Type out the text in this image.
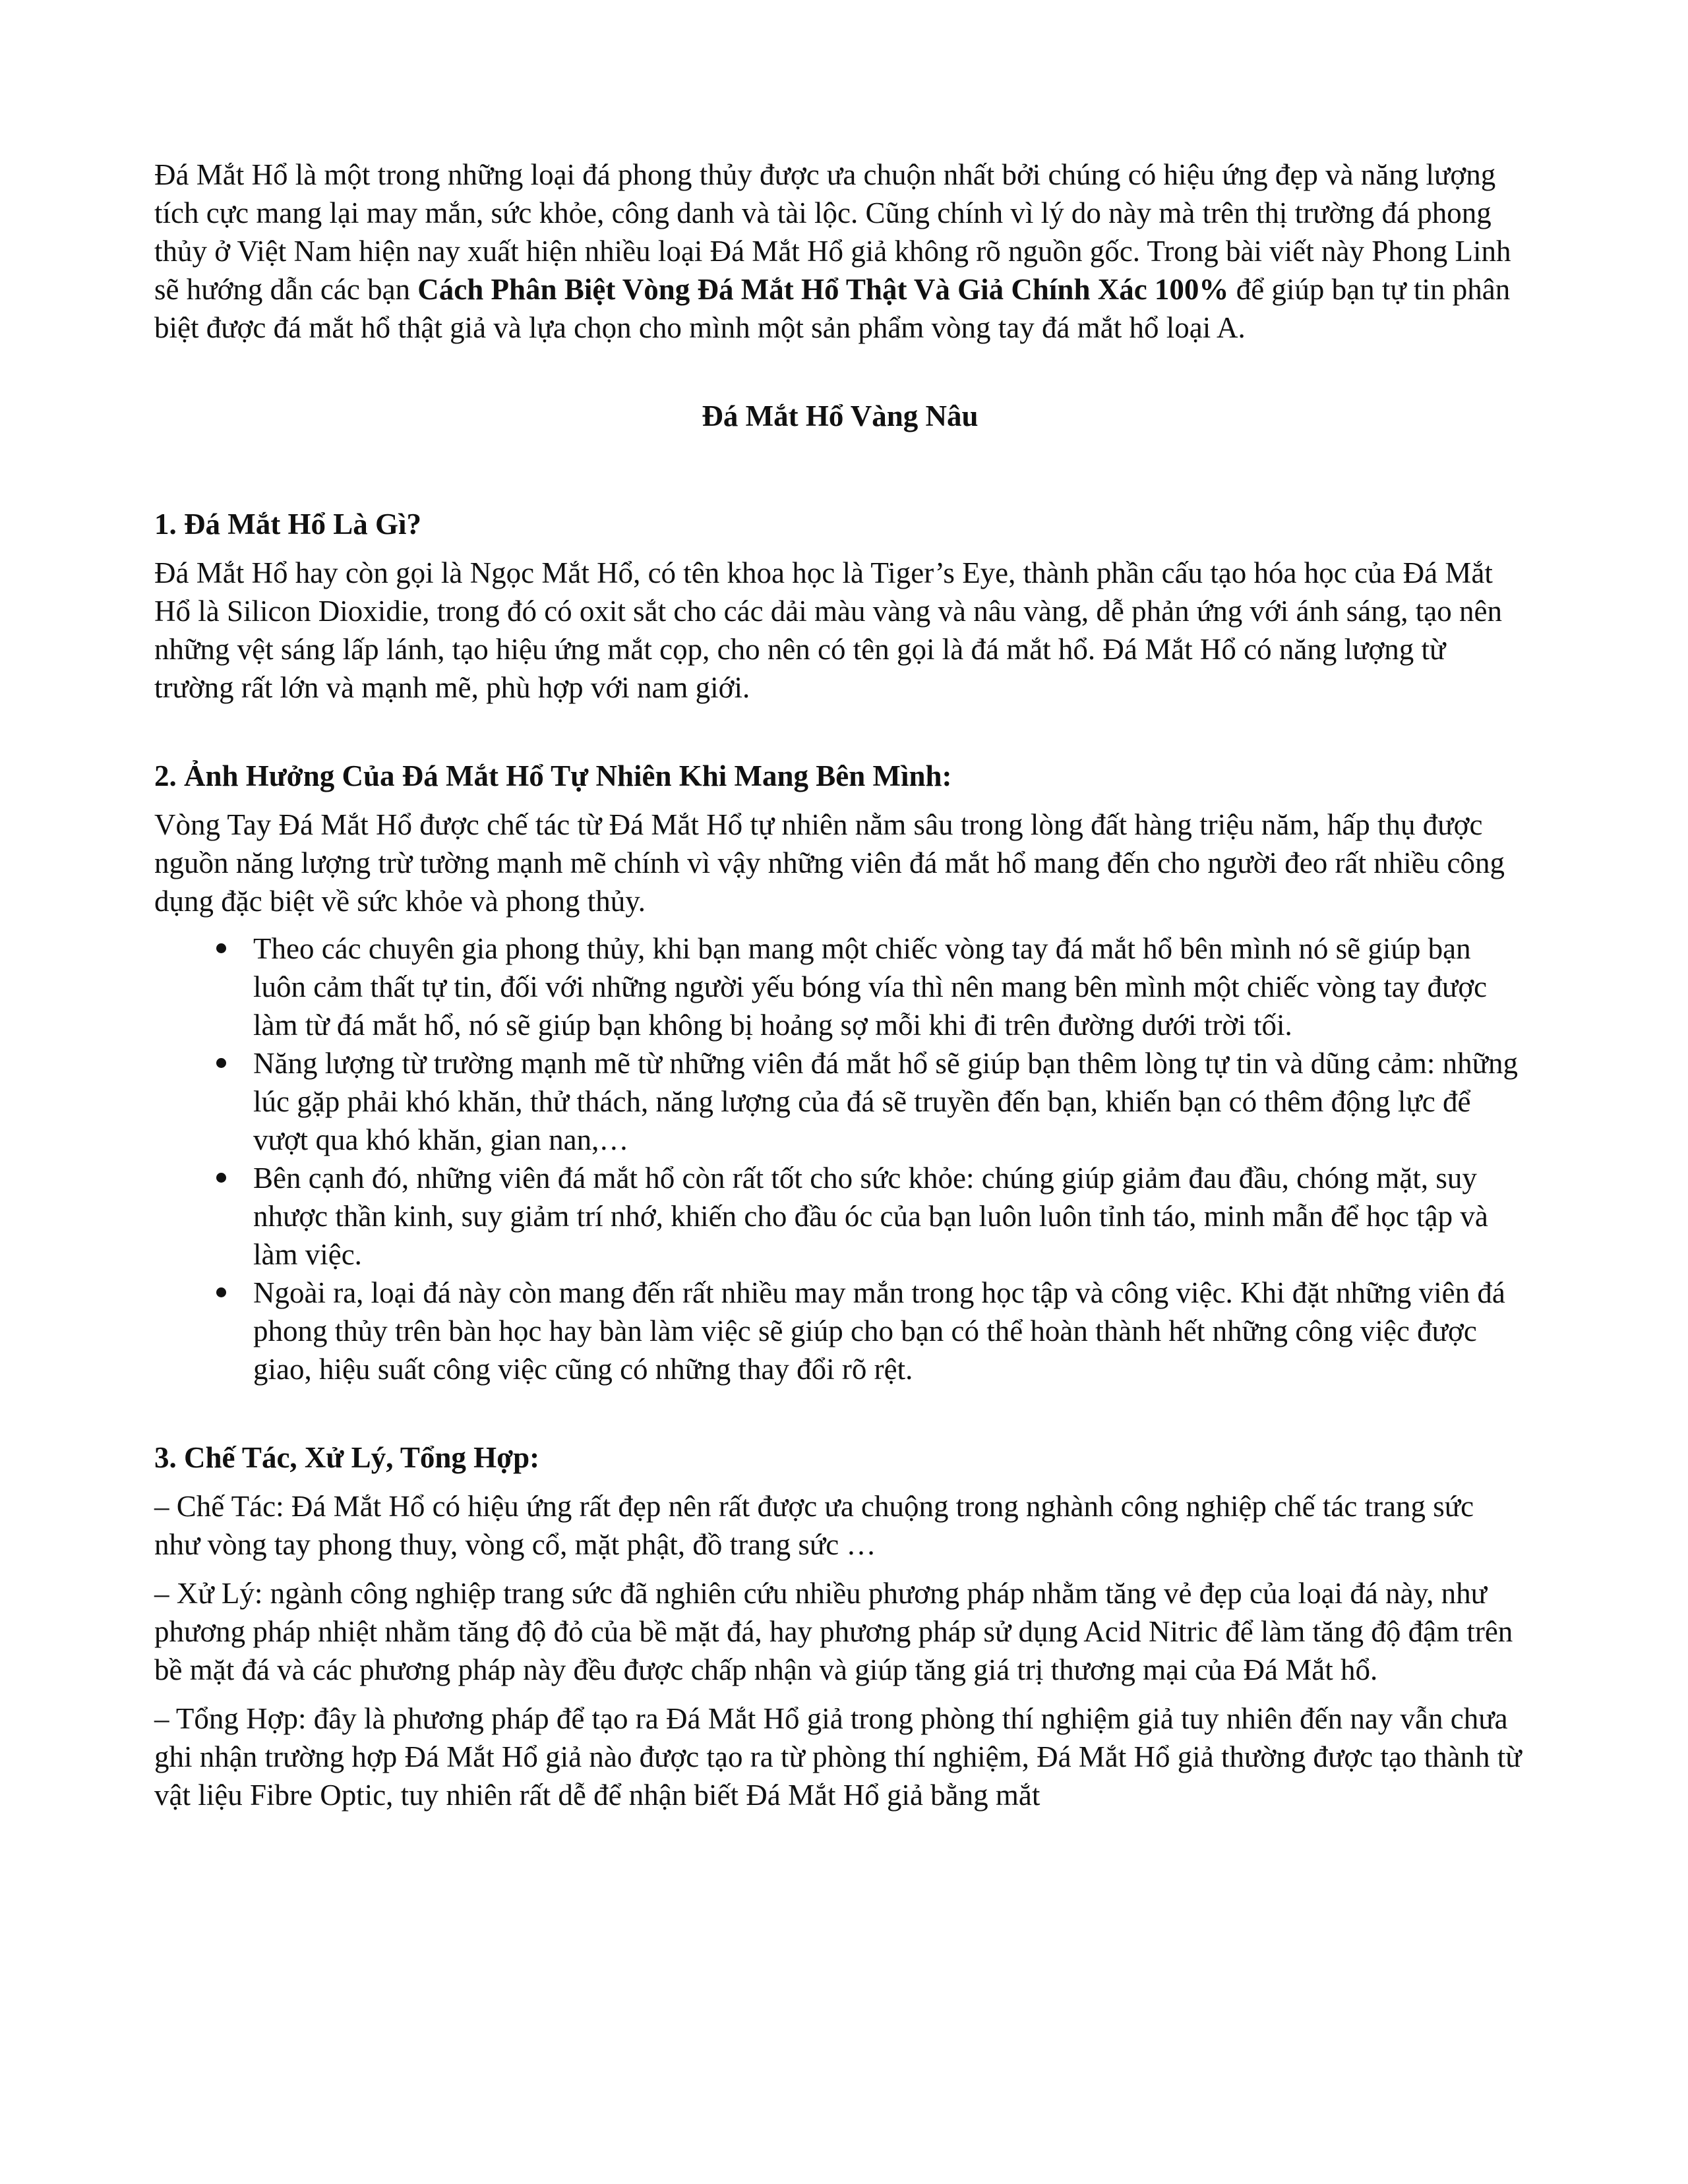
Đá Mắt Hổ là một trong những loại đá phong thủy được ưa chuộn nhất bởi chúng có hiệu ứng đẹp và năng lượng tích cực mang lại may mắn, sức khỏe, công danh và tài lộc. Cũng chính vì lý do này mà trên thị trường đá phong thủy ở Việt Nam hiện nay xuất hiện nhiều loại Đá Mắt Hổ giả không rõ nguồn gốc. Trong bài viết này Phong Linh sẽ hướng dẫn các bạn Cách Phân Biệt Vòng Đá Mắt Hổ Thật Và Giả Chính Xác 100% để giúp bạn tự tin phân biệt được đá mắt hổ thật giả và lựa chọn cho mình một sản phẩm vòng tay đá mắt hổ loại A.

Đá Mắt Hổ Vàng Nâu

1. Đá Mắt Hổ Là Gì?

Đá Mắt Hổ hay còn gọi là Ngọc Mắt Hổ, có tên khoa học là Tiger’s Eye, thành phần cấu tạo hóa học của Đá Mắt Hổ là Silicon Dioxidie, trong đó có oxit sắt cho các dải màu vàng và nâu vàng, dễ phản ứng với ánh sáng, tạo nên những vệt sáng lấp lánh, tạo hiệu ứng mắt cọp, cho nên có tên gọi là đá mắt hổ. Đá Mắt Hổ có năng lượng từ trường rất lớn và mạnh mẽ, phù hợp với nam giới.

2. Ảnh Hưởng Của Đá Mắt Hổ Tự Nhiên Khi Mang Bên Mình:

Vòng Tay Đá Mắt Hổ được chế tác từ Đá Mắt Hổ tự nhiên nằm sâu trong lòng đất hàng triệu năm, hấp thụ được nguồn năng lượng trừ tường mạnh mẽ chính vì vậy những viên đá mắt hổ mang đến cho người đeo rất nhiều công dụng đặc biệt về sức khỏe và phong thủy.

Theo các chuyên gia phong thủy, khi bạn mang một chiếc vòng tay đá mắt hổ bên mình nó sẽ giúp bạn luôn cảm thất tự tin, đối với những người yếu bóng vía thì nên mang bên mình một chiếc vòng tay được làm từ đá mắt hổ, nó sẽ giúp bạn không bị hoảng sợ mỗi khi đi trên đường dưới trời tối.
Năng lượng từ trường mạnh mẽ từ những viên đá mắt hổ sẽ giúp bạn thêm lòng tự tin và dũng cảm: những lúc gặp phải khó khăn, thử thách, năng lượng của đá sẽ truyền đến bạn, khiến bạn có thêm động lực để vượt qua khó khăn, gian nan,…
Bên cạnh đó, những viên đá mắt hổ còn rất tốt cho sức khỏe: chúng giúp giảm đau đầu, chóng mặt, suy nhược thần kinh, suy giảm trí nhớ, khiến cho đầu óc của bạn luôn luôn tỉnh táo, minh mẫn để học tập và làm việc.
Ngoài ra, loại đá này còn mang đến rất nhiều may mắn trong học tập và công việc. Khi đặt những viên đá phong thủy trên bàn học hay bàn làm việc sẽ giúp cho bạn có thể hoàn thành hết những công việc được giao, hiệu suất công việc cũng có những thay đổi rõ rệt.
3. Chế Tác, Xử Lý, Tổng Hợp:

– Chế Tác: Đá Mắt Hổ có hiệu ứng rất đẹp nên rất được ưa chuộng trong nghành công nghiệp chế tác trang sức như vòng tay phong thuy, vòng cổ, mặt phật, đồ trang sức …

– Xử Lý: ngành công nghiệp trang sức đã nghiên cứu nhiều phương pháp nhằm tăng vẻ đẹp của loại đá này, như phương pháp nhiệt nhằm tăng độ đỏ của bề mặt đá, hay phương pháp sử dụng Acid Nitric để làm tăng độ đậm trên bề mặt đá và các phương pháp này đều được chấp nhận và giúp tăng giá trị thương mại của Đá Mắt hổ.

– Tổng Hợp: đây là phương pháp để tạo ra Đá Mắt Hổ giả trong phòng thí nghiệm giả tuy nhiên đến nay vẫn chưa ghi nhận trường hợp Đá Mắt Hổ giả nào được tạo ra từ phòng thí nghiệm, Đá Mắt Hổ giả thường được tạo thành từ vật liệu Fibre Optic, tuy nhiên rất dễ để nhận biết Đá Mắt Hổ giả bằng mắt
